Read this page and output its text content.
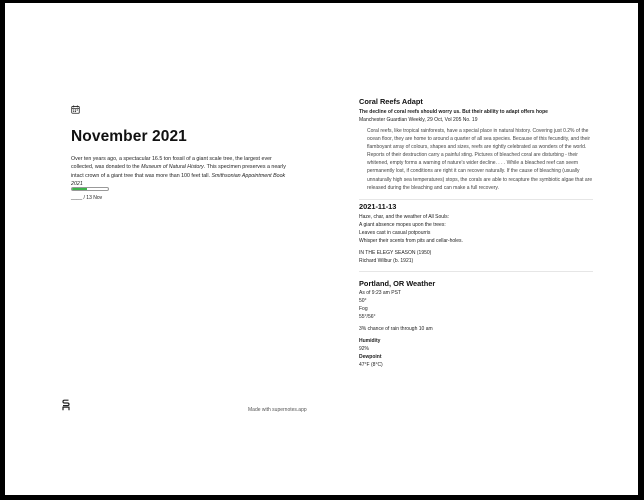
November 2021
Over ten years ago, a spectacular 16.5 ton fossil of a giant scale tree, the largest ever collected, was donated to the Museum of Natural History. This specimen preserves a nearly intact crown of a giant tree that was more than 100 feet tall. Smithsonian Appointment Book 2021
____ / 13 Nov
Made with supernotes.app
Coral Reefs Adapt
The decline of coral reefs should worry us. But their ability to adapt offers hope
Manchester Guardian Weekly, 29 Oct, Vol 205 No. 19
Coral reefs, like tropical rainforests, have a special place in natural history. Covering just 0.2% of the ocean floor, they are home to around a quarter of all sea species. Because of this fecundity, and their flamboyant array of colours, shapes and sizes, reefs are rightly celebrated as wonders of the world. Reports of their destruction carry a painful sting. Pictures of bleached coral are disturbing - their whitened, empty forms a warning of nature's wider decline. . . . While a bleached reef can seem permanently lost, if conditions are right it can recover naturally. If the cause of bleaching (usually unnaturally high sea temperatures) stops, the corals are able to recapture the symbiotic algae that are released during the bleaching and can make a full recovery.
2021-11-13
Haze, char, and the weather of All Souls:
A giant absence mopes upon the trees:
Leaves cast in casual potpourris
Whisper their scents from pits and cellar-holes.
IN THE ELEGY SEASON (1950)
Richard Wilbur (b. 1921)
Portland, OR Weather
As of 9:23 am PST
50°
Fog
55°/56°
3% chance of rain through 10 am
Humidity
92%
Dewpoint
47°F (8°C)
